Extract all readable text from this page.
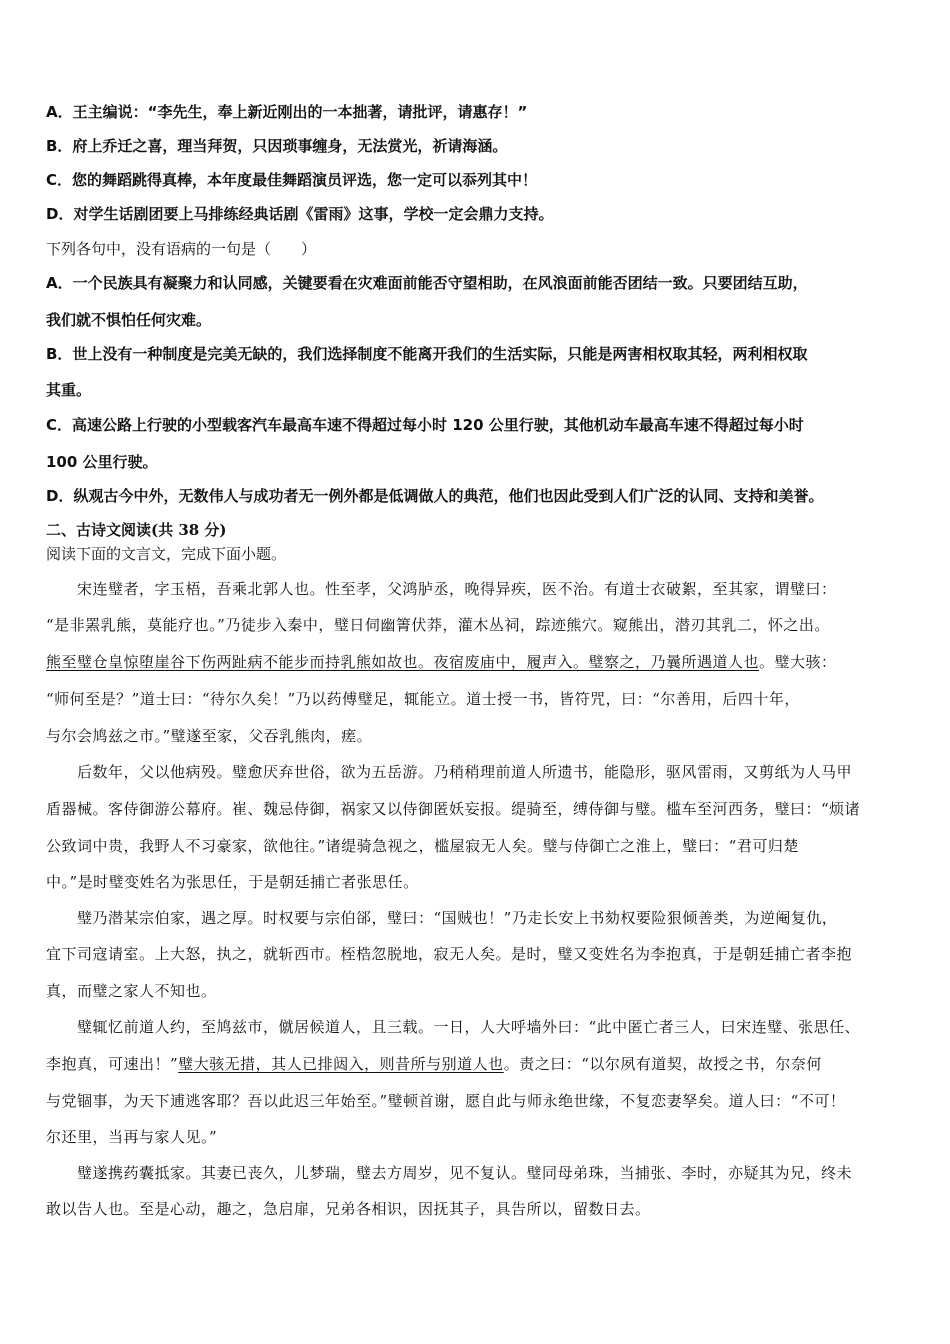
A．王主编说：“李先生，奉上新近刚出的一本拙著，请批评，请惠存！”
B．府上乔迁之喜，理当拜贺，只因琐事缠身，无法赏光，祈请海涵。
C．您的舞蹈跳得真棒，本年度最佳舞蹈演员评选，您一定可以忝列其中！
D．对学生话剧团要上马排练经典话剧《雷雨》这事，学校一定会鼎力支持。
下列各句中，没有语病的一句是（　　）
A．一个民族具有凝聚力和认同感，关键要看在灾难面前能否守望相助，在风浪面前能否团结一致。只要团结互助，
我们就不惧怕任何灾难。
B．世上没有一种制度是完美无缺的，我们选择制度不能离开我们的生活实际，只能是两害相权取其轻，两利相权取
其重。
C．高速公路上行驶的小型载客汽车最高车速不得超过每小时 120 公里行驶，其他机动车最高车速不得超过每小时
100 公里行驶。
D．纵观古今中外，无数伟人与成功者无一例外都是低调做人的典范，他们也因此受到人们广泛的认同、支持和美誉。
二、古诗文阅读(共 38 分)
阅读下面的文言文，完成下面小题。
　　宋连璧者，字玉梧，吾乘北郭人也。性至孝，父鸿胪丞，晚得异疾，医不治。有道士衣破絮，至其家，谓璧曰：
“是非罴乳熊，莫能疗也。”乃徒步入秦中，璧日伺幽箐伏莽，灌木丛祠，踪迹熊穴。窥熊出，潜刃其乳二，怀之出。
熊至璧仓皇惊堕崖谷下伤两趾病不能步而持乳熊如故也。夜宿废庙中，履声入。璧察之，乃曩所遇道人也。璧大骇：
“师何至是？”道士曰：“待尔久矣！”乃以药傅璧足，辄能立。道士授一书，皆符咒，曰：“尔善用，后四十年，
与尔会鸠兹之市。”璧遂至家，父吞乳熊肉，瘥。
　　后数年，父以他病殁。璧愈厌弃世俗，欲为五岳游。乃稍稍理前道人所遗书，能隐形，驱风雷雨，又剪纸为人马甲
盾器械。客侍御游公幕府。崔、魏忌侍御，祸家又以侍御匿妖妄报。缇骑至，缚侍御与璧。槛车至河西务，璧曰：“烦诸
公致词中贵，我野人不习豪家，欲他往。”诸缇骑急视之，槛屋寂无人矣。璧与侍御亡之淮上，璧曰：“君可归楚
中。”是时璧变姓名为张思任，于是朝廷捕亡者张思任。
　　璧乃潜某宗伯家，遇之厚。时权要与宗伯郤，璧曰：“国贼也！”乃走长安上书劾权要险狠倾善类，为逆阉复仇，
宜下司寇请室。上大怒，执之，就斩西市。桎梏忽脱地，寂无人矣。是时，璧又变姓名为李抱真，于是朝廷捕亡者李抱
真，而璧之家人不知也。
　　璧辄忆前道人约，至鸠兹市，僦居候道人，且三载。一日，人大呼墙外曰：“此中匿亡者三人，曰宋连璧、张思任、
李抱真，可速出！”璧大骇无措，其人已排闼入，则昔所与别道人也。责之曰：“以尔夙有道契，故授之书，尔奈何
与党锢事，为天下逋逃客耶？吾以此迟三年始至。”璧顿首谢，愿自此与师永绝世缘，不复恋妻孥矣。道人曰：“不可！
尔还里，当再与家人见。”
　　璧遂携药囊抵家。其妻已丧久，儿梦瑞，璧去方周岁，见不复认。璧同母弟珠，当捕张、李时，亦疑其为兄，终未
敢以告人也。至是心动，趣之，急启扉，兄弟各相识，因抚其子，具告所以，留数日去。
